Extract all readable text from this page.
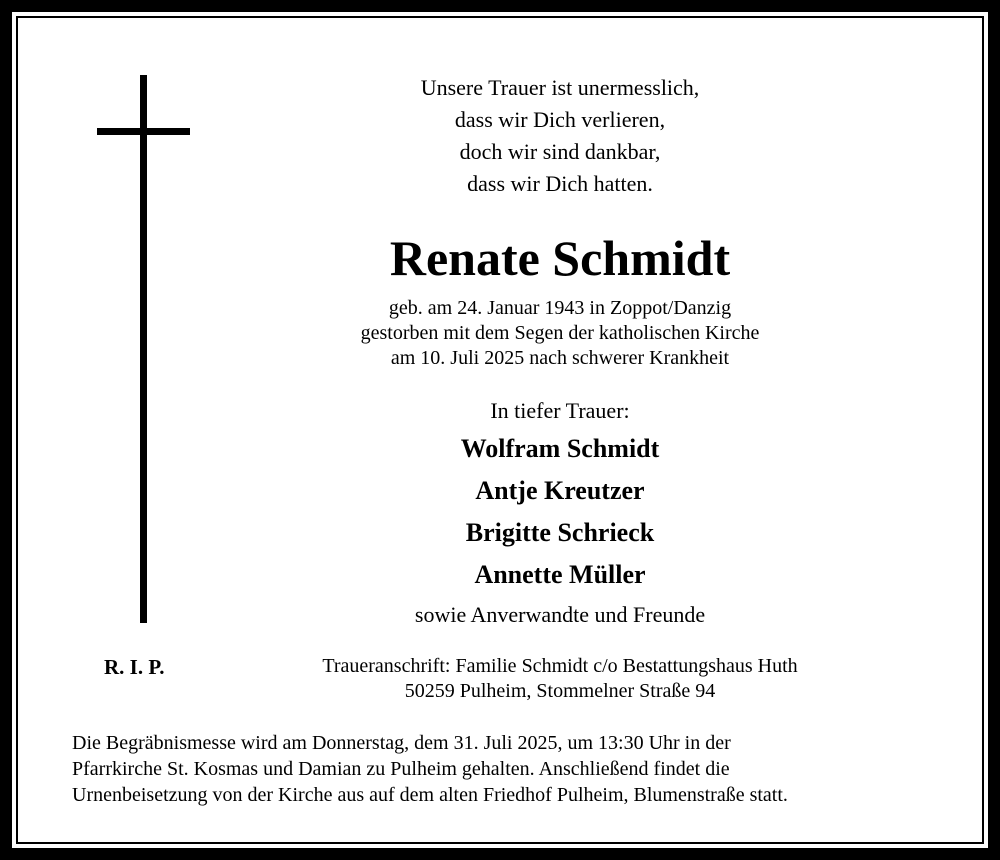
Unsere Trauer ist unermesslich,
dass wir Dich verlieren,
doch wir sind dankbar,
dass wir Dich hatten.
Renate Schmidt
geb. am 24. Januar 1943 in Zoppot/Danzig
gestorben mit dem Segen der katholischen Kirche
am 10. Juli 2025 nach schwerer Krankheit
In tiefer Trauer:
Wolfram Schmidt
Antje Kreutzer
Brigitte Schrieck
Annette Müller
sowie Anverwandte und Freunde
R. I. P.	Traueranschrift: Familie Schmidt c/o Bestattungshaus Huth
50259 Pulheim, Stommelner Straße 94
Die Begräbnismesse wird am Donnerstag, dem 31. Juli 2025, um 13:30 Uhr in der
Pfarrkirche St. Kosmas und Damian zu Pulheim gehalten. Anschließend findet die
Urnenbeisetzung von der Kirche aus auf dem alten Friedhof Pulheim, Blumenstraße statt.
